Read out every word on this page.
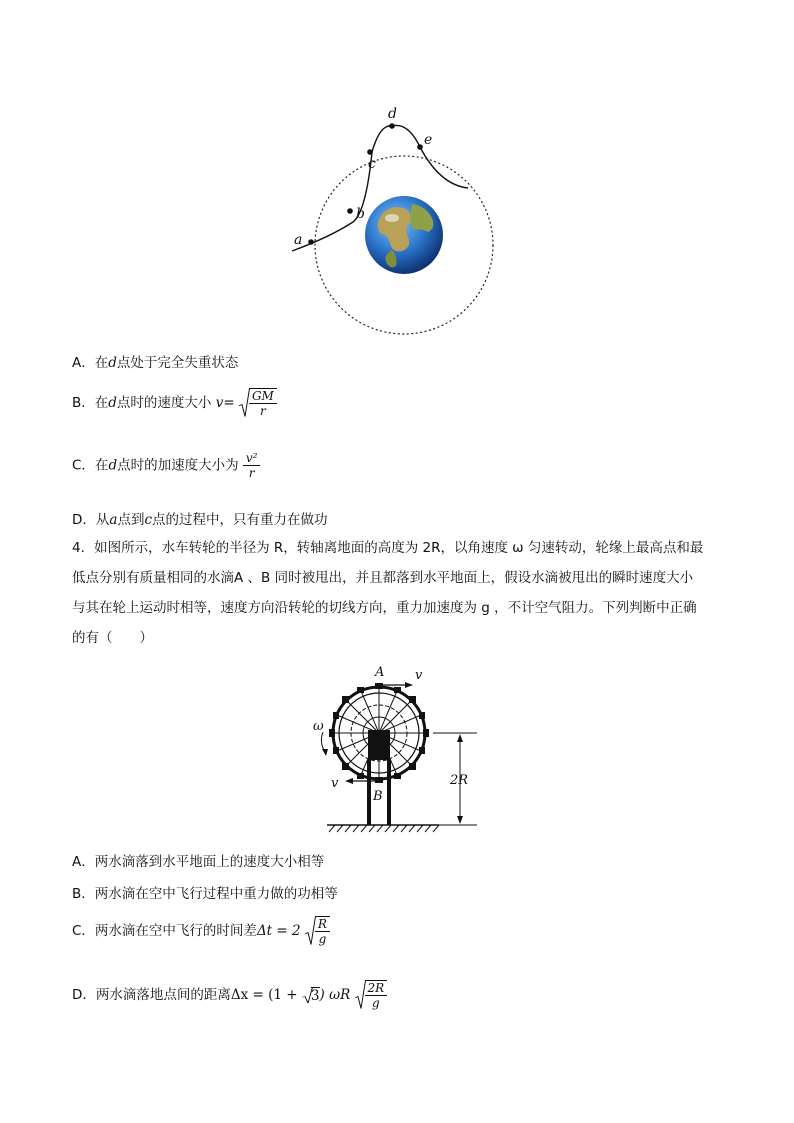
a
b
c
d
e
A．在d点处于完全失重状态
B．在d点时的速度大小 $v= \frac{GM}{r}$
C．在d点时的加速度大小为 $\frac{\text{v²}}{r}$
D．从a点到c点的过程中，只有重力在做功
4．如图所示，水车转轮的半径为 R，转轴离地面的高度为 2R，以角速度 ω 匀速转动，轮缘上最高点和最
低点分别有质量相同的水滴A 、B 同时被甩出，并且都落到水平地面上，假设水滴被甩出的瞬时速度大小
与其在轮上运动时相等，速度方向沿转轮的切线方向，重力加速度为 g ，不计空气阻力。下列判断中正确
的有（　　）
A v
v
B
ω
2R
A．两水滴落到水平地面上的速度大小相等
B．两水滴在空中飞行过程中重力做的功相等
C．两水滴在空中飞行的时间差$\Delta t = 2 \frac{R}{g}$
D．两水滴落地点间的距离Δx = (1 +
3) ωR $\frac{2R}{g}$
